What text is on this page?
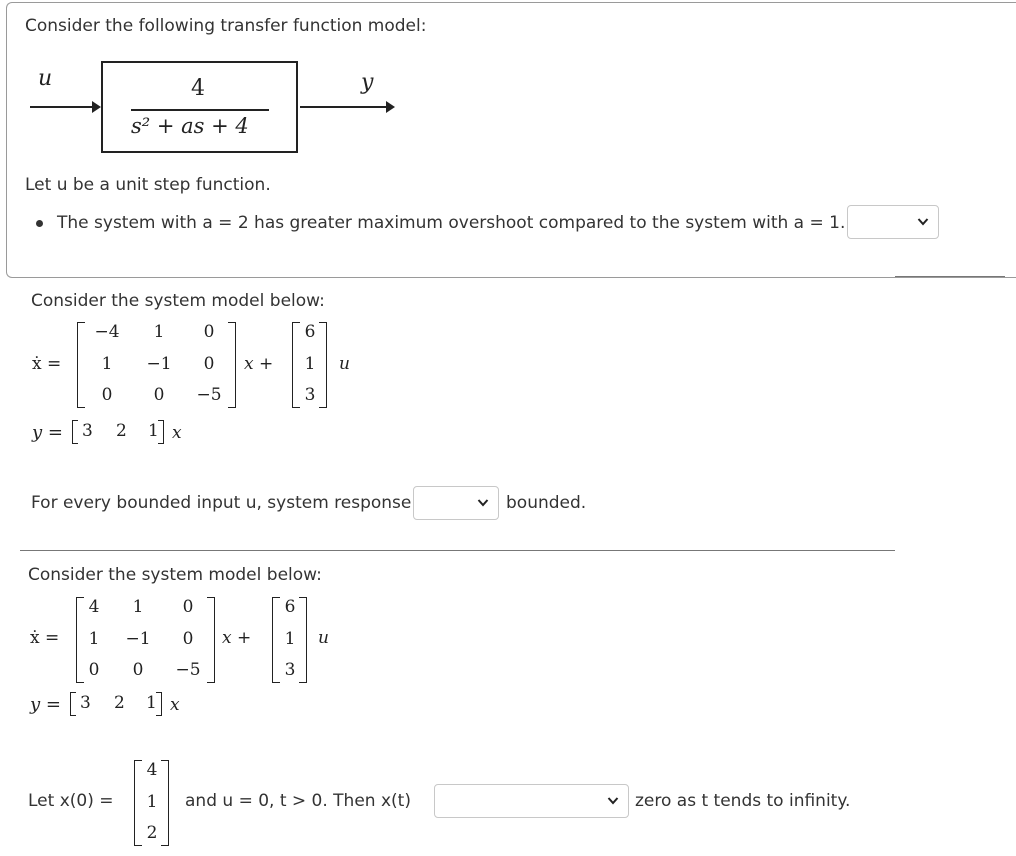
Consider the following transfer function model:
u	4
s² + as + 4
y
Let u be a unit step function.
The system with a = 2 has greater maximum overshoot compared to the system with a = 1.
Consider the system model below:
ẋ =
−4	1	0
1	−1	0
0	0	−5
x +
6
1
3
u
y = 3 2 1 x
For every bounded input u, system response	bounded.
Consider the system model below:
ẋ =
4	1	0
1	−1	0
0	0	−5
x +
6
1
3
u
y = 3 2 1 x
Let x(0) =
4
1
2
and u = 0, t > 0. Then x(t)	zero as t tends to infinity.
